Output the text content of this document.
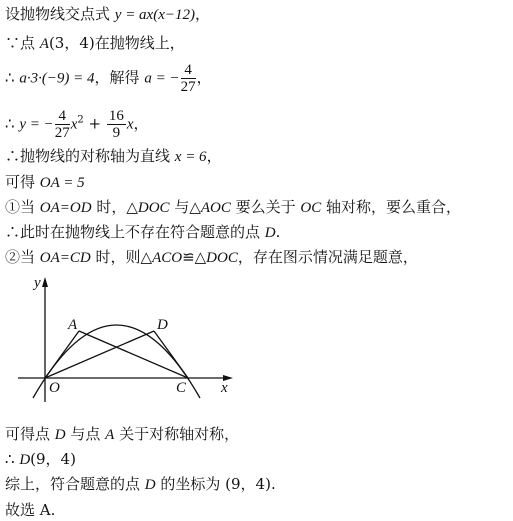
设抛物线交点式 y = ax(x−12)，
∵点 A(3，4)在抛物线上，
∴ a·3·(−9) = 4，解得 a = − $\frac{4}{27}$ ，
∴ y = − $\frac{4}{27} x^2 + \frac{16}{9}$ x，
∴抛物线的对称轴为直线 x = 6，
可得 OA = 5
①当 OA=OD 时，△DOC 与△AOC 要么关于 OC 轴对称，要么重合，
∴此时在抛物线上不存在符合题意的点 D.
②当 OA=CD 时，则△ACO≌△DOC，存在图示情况满足题意，
可得点 D 与点 A 关于对称轴对称，
∴ D(9，4)
综上，符合题意的点 D 的坐标为 (9，4).
故选 A.
y
x
A	D
O	C
